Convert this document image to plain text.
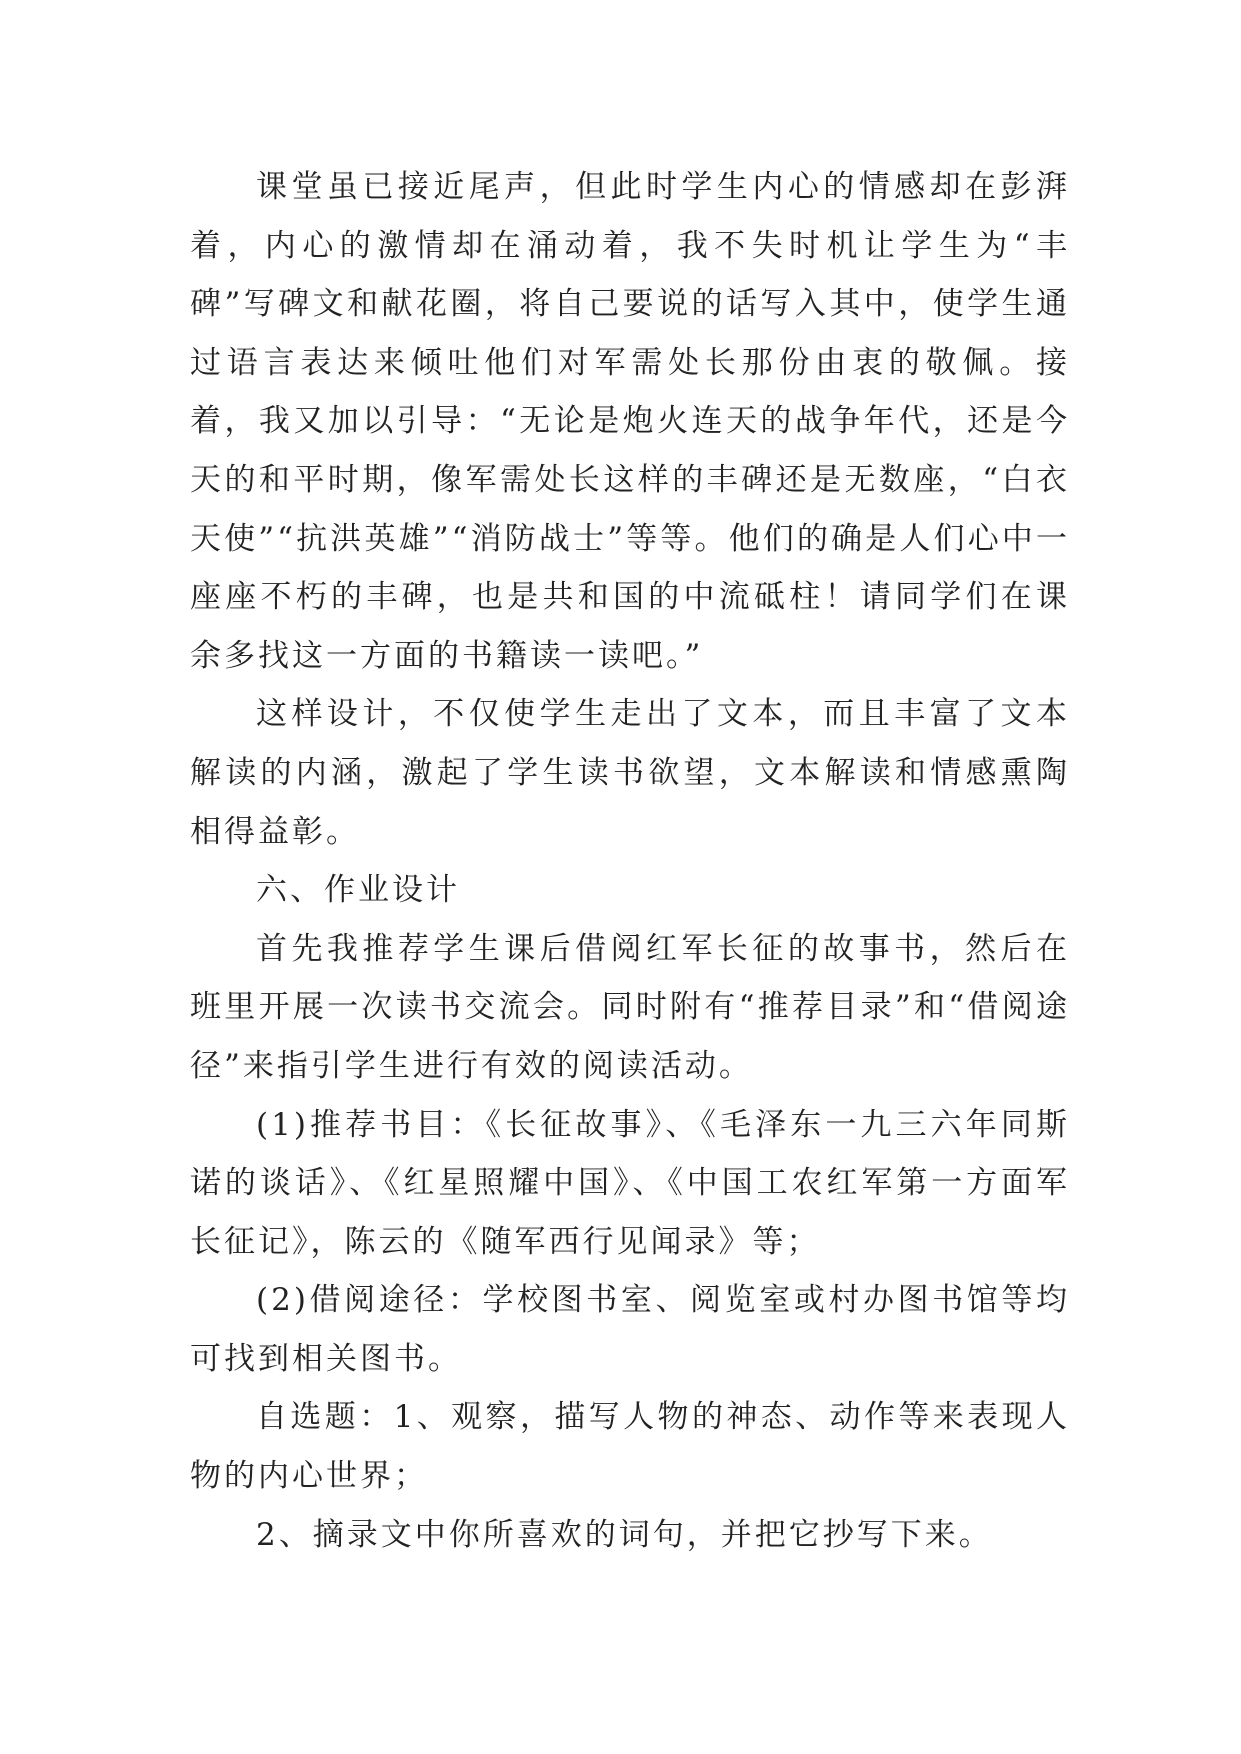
课堂虽已接近尾声，但此时学生内心的情感却在彭湃着，内心的激情却在涌动着，我不失时机让学生为“丰碑”写碑文和献花圈，将自己要说的话写入其中，使学生通过语言表达来倾吐他们对军需处长那份由衷的敬佩。接着，我又加以引导：“无论是炮火连天的战争年代，还是今天的和平时期，像军需处长这样的丰碑还是无数座，“白衣天使”“抗洪英雄”“消防战士”等等。他们的确是人们心中一座座不朽的丰碑，也是共和国的中流砥柱！请同学们在课余多找这一方面的书籍读一读吧。”

这样设计，不仅使学生走出了文本，而且丰富了文本解读的内涵，激起了学生读书欲望，文本解读和情感熏陶相得益彰。

六、作业设计

首先我推荐学生课后借阅红军长征的故事书，然后在班里开展一次读书交流会。同时附有“推荐目录”和“借阅途径”来指引学生进行有效的阅读活动。

(1)推荐书目：《长征故事》、《毛泽东一九三六年同斯诺的谈话》、《红星照耀中国》、《中国工农红军第一方面军长征记》，陈云的《随军西行见闻录》等；

(2)借阅途径：学校图书室、阅览室或村办图书馆等均可找到相关图书。

自选题：1、观察，描写人物的神态、动作等来表现人物的内心世界；

2、摘录文中你所喜欢的词句，并把它抄写下来。
